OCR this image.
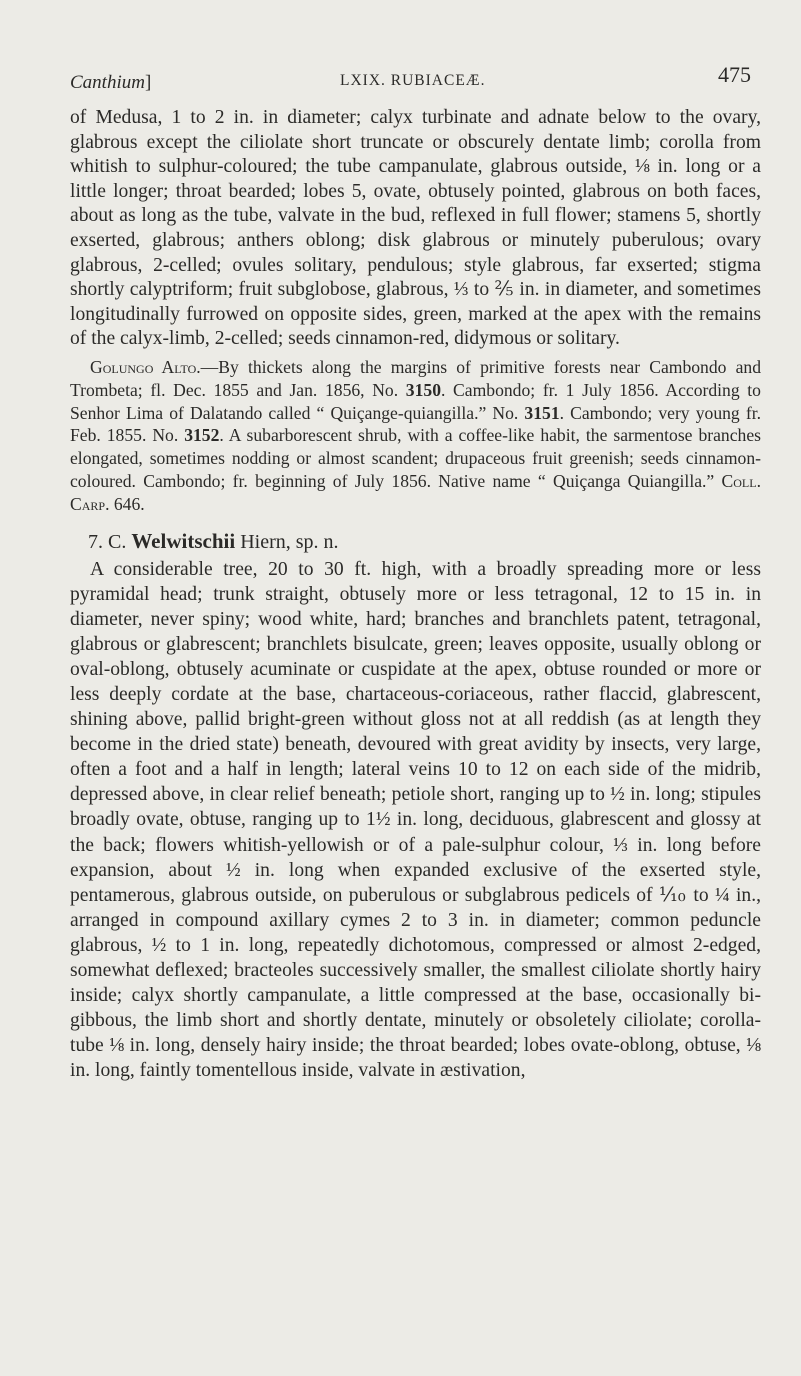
Canthium]	LXIX. RUBIACEÆ.	475

of Medusa, 1 to 2 in. in diameter; calyx turbinate and adnate below to the ovary, glabrous except the ciliolate short truncate or obscurely dentate limb; corolla from whitish to sulphur-coloured; the tube campanulate, glabrous outside, ⅛ in. long or a little longer; throat bearded; lobes 5, ovate, obtusely pointed, glabrous on both faces, about as long as the tube, valvate in the bud, reflexed in full flower; stamens 5, shortly exserted, glabrous; anthers oblong; disk glabrous or minutely puberulous; ovary glabrous, 2-celled; ovules solitary, pendulous; style glabrous, far exserted; stigma shortly calyptriform; fruit subglobose, glabrous, ⅓ to ⅖ in. in diameter, and sometimes longitudinally furrowed on opposite sides, green, marked at the apex with the remains of the calyx-limb, 2-celled; seeds cinnamon-red, didymous or solitary.

Golungo Alto.—By thickets along the margins of primitive forests near Cambondo and Trombeta; fl. Dec. 1855 and Jan. 1856, No. 3150. Cambondo; fr. 1 July 1856. According to Senhor Lima of Dalatando called “ Quiçange-quiangilla.” No. 3151. Cambondo; very young fr. Feb. 1855. No. 3152. A subarborescent shrub, with a coffee-like habit, the sarmentose branches elongated, sometimes nodding or almost scandent; drupaceous fruit greenish; seeds cinnamon-coloured. Cambondo; fr. beginning of July 1856. Native name “ Quiçanga Quiangilla.” Coll. Carp. 646.

7. C. Welwitschii Hiern, sp. n.

A considerable tree, 20 to 30 ft. high, with a broadly spreading more or less pyramidal head; trunk straight, obtusely more or less tetragonal, 12 to 15 in. in diameter, never spiny; wood white, hard; branches and branchlets patent, tetragonal, glabrous or glabrescent; branchlets bisulcate, green; leaves opposite, usually oblong or oval-oblong, obtusely acuminate or cuspidate at the apex, obtuse rounded or more or less deeply cordate at the base, chartaceous-coriaceous, rather flaccid, glabrescent, shining above, pallid bright-green without gloss not at all reddish (as at length they become in the dried state) beneath, devoured with great avidity by insects, very large, often a foot and a half in length; lateral veins 10 to 12 on each side of the midrib, depressed above, in clear relief beneath; petiole short, ranging up to ½ in. long; stipules broadly ovate, obtuse, ranging up to 1½ in. long, deciduous, glabrescent and glossy at the back; flowers whitish-yellowish or of a pale-sulphur colour, ⅓ in. long before expansion, about ½ in. long when expanded exclusive of the exserted style, pentamerous, glabrous outside, on puberulous or subglabrous pedicels of ⅒ to ¼ in., arranged in compound axillary cymes 2 to 3 in. in diameter; common peduncle glabrous, ½ to 1 in. long, repeatedly dichotomous, compressed or almost 2-edged, somewhat deflexed; bracteoles successively smaller, the smallest ciliolate shortly hairy inside; calyx shortly campanulate, a little compressed at the base, occasionally bi-gibbous, the limb short and shortly dentate, minutely or obsoletely ciliolate; corolla-tube ⅛ in. long, densely hairy inside; the throat bearded; lobes ovate-oblong, obtuse, ⅛ in. long, faintly tomentellous inside, valvate in æstivation,
